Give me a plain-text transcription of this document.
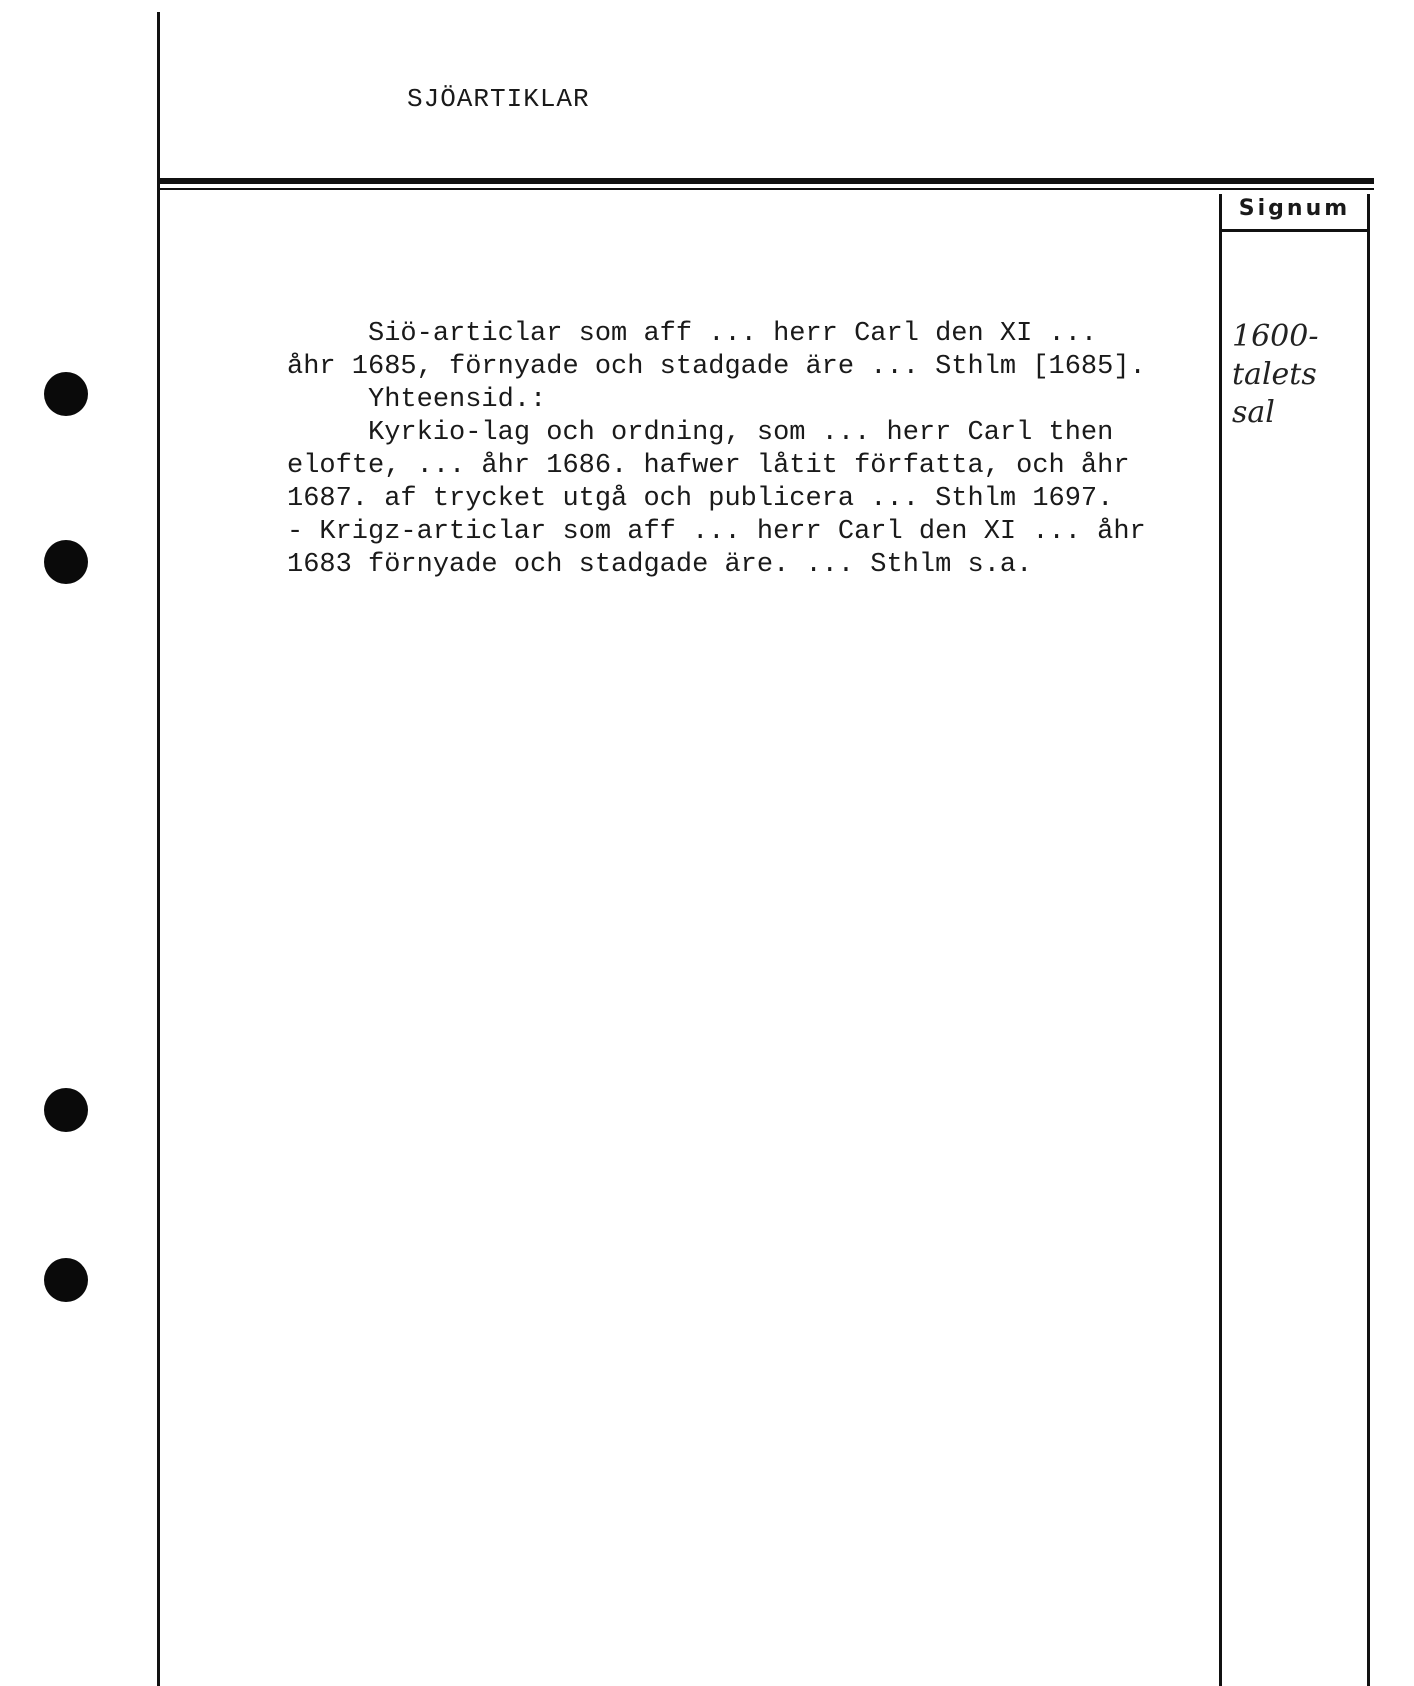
SJÖARTIKLAR
Signum
1600-
talets
sal
Siö-articlar som aff ... herr Carl den XI ...
åhr 1685, förnyade och stadgade äre ... Sthlm [1685].
Yhteensid.:
Kyrkio-lag och ordning, som ... herr Carl then
elofte, ... åhr 1686. hafwer låtit författa, och åhr
1687. af trycket utgå och publicera ... Sthlm 1697.
- Krigz-articlar som aff ... herr Carl den XI ... åhr
1683 förnyade och stadgade äre. ... Sthlm s.a.
